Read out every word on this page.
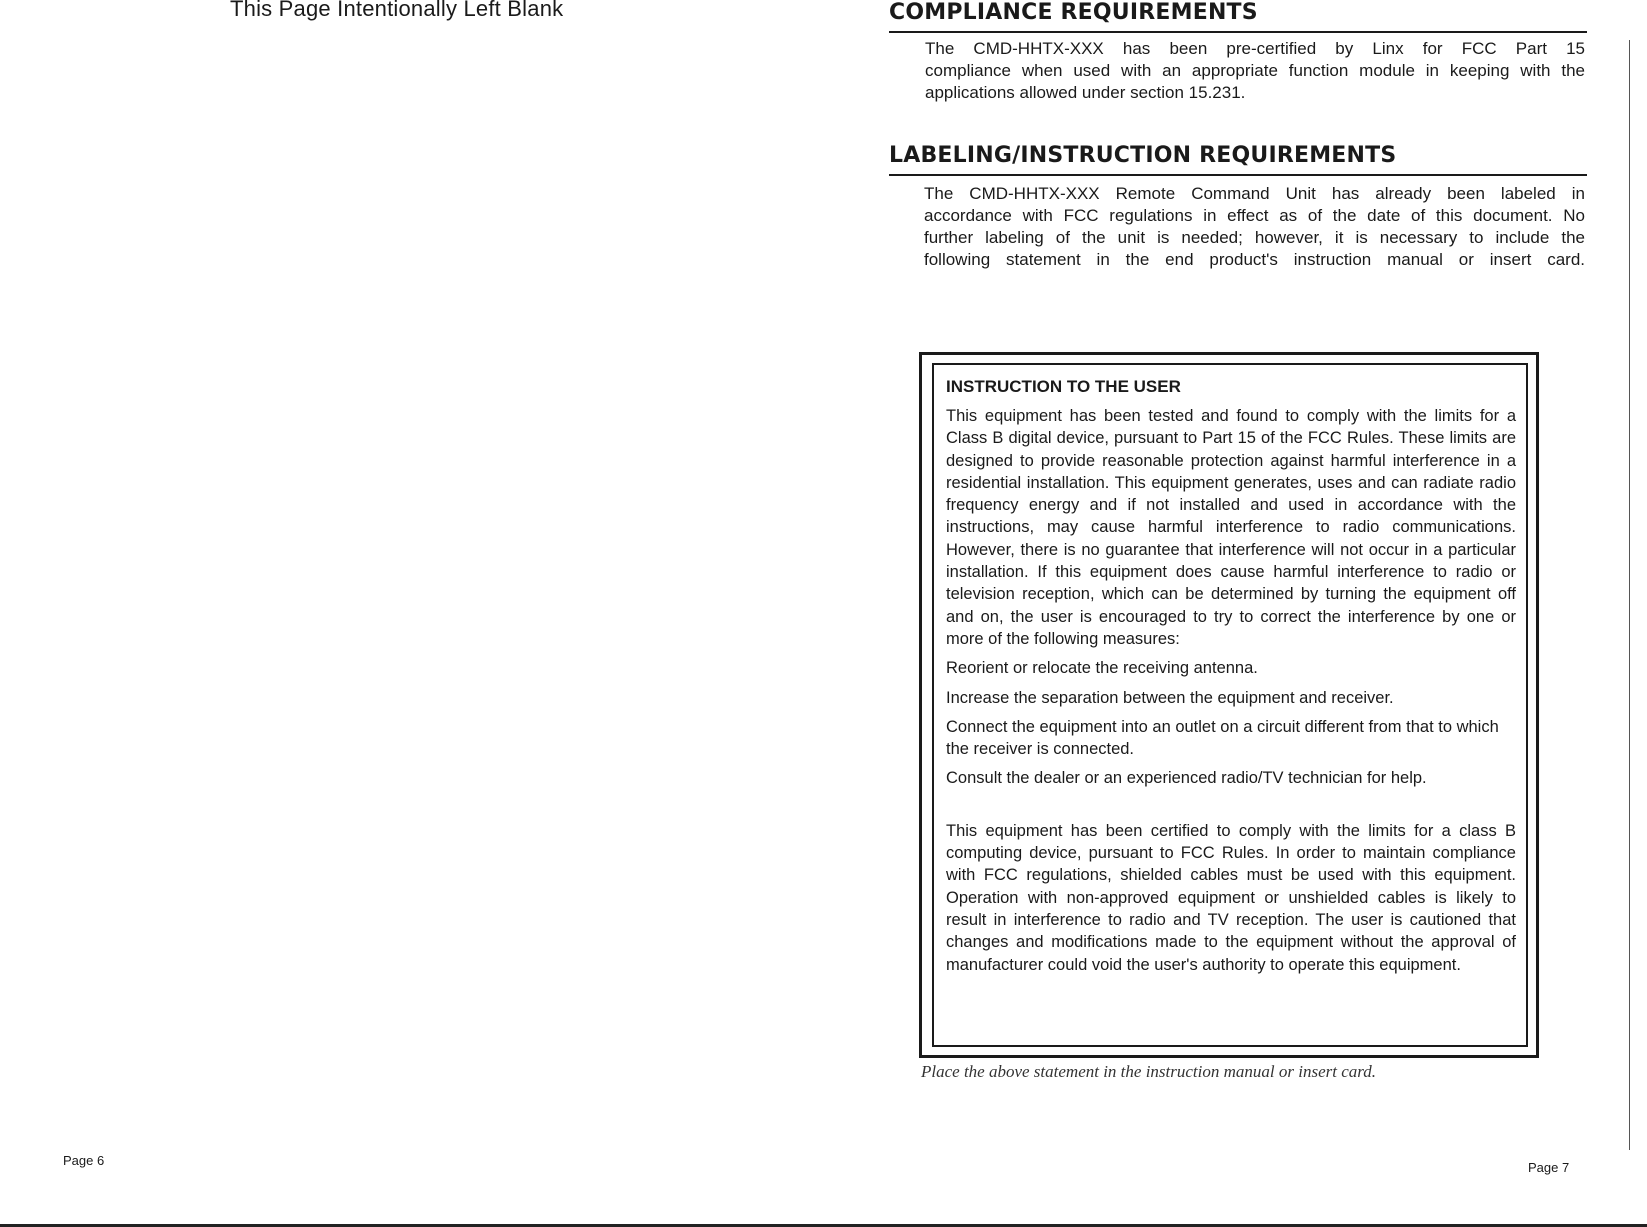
This Page Intentionally Left Blank
Page 6
COMPLIANCE REQUIREMENTS
The CMD-HHTX-XXX has been pre-certified by Linx for FCC Part 15
compliance when used with an appropriate function module in keeping with the
applications allowed under section 15.231.
LABELING/INSTRUCTION REQUIREMENTS
The CMD-HHTX-XXX Remote Command Unit has already been labeled in
accordance with FCC regulations in effect as of the date of this document. No
further labeling of the unit is needed; however, it is necessary to include the
following statement in the end product's instruction manual or insert card.
INSTRUCTION TO THE USER

This equipment has been tested and found to comply with the limits for a Class B digital device, pursuant to Part 15 of the FCC Rules. These limits are designed to provide reasonable protection against harmful interference in a residential installation. This equipment generates, uses and can radiate radio frequency energy and if not installed and used in accordance with the instructions, may cause harmful interference to radio communications. However, there is no guarantee that interference will not occur in a particular installation. If this equipment does cause harmful interference to radio or television reception, which can be determined by turning the equipment off and on, the user is encouraged to try to correct the interference by one or more of the following measures:

Reorient or relocate the receiving antenna.

Increase the separation between the equipment and receiver.

Connect the equipment into an outlet on a circuit different from that to which the receiver is connected.

Consult the dealer or an experienced radio/TV technician for help.

This equipment has been certified to comply with the limits for a class B computing device, pursuant to FCC Rules. In order to maintain compliance with FCC regulations, shielded cables must be used with this equipment. Operation with non-approved equipment or unshielded cables is likely to result in interference to radio and TV reception. The user is cautioned that changes and modifications made to the equipment without the approval of manufacturer could void the user's authority to operate this equipment.

Place the above statement in the instruction manual or insert card.
Page 7
